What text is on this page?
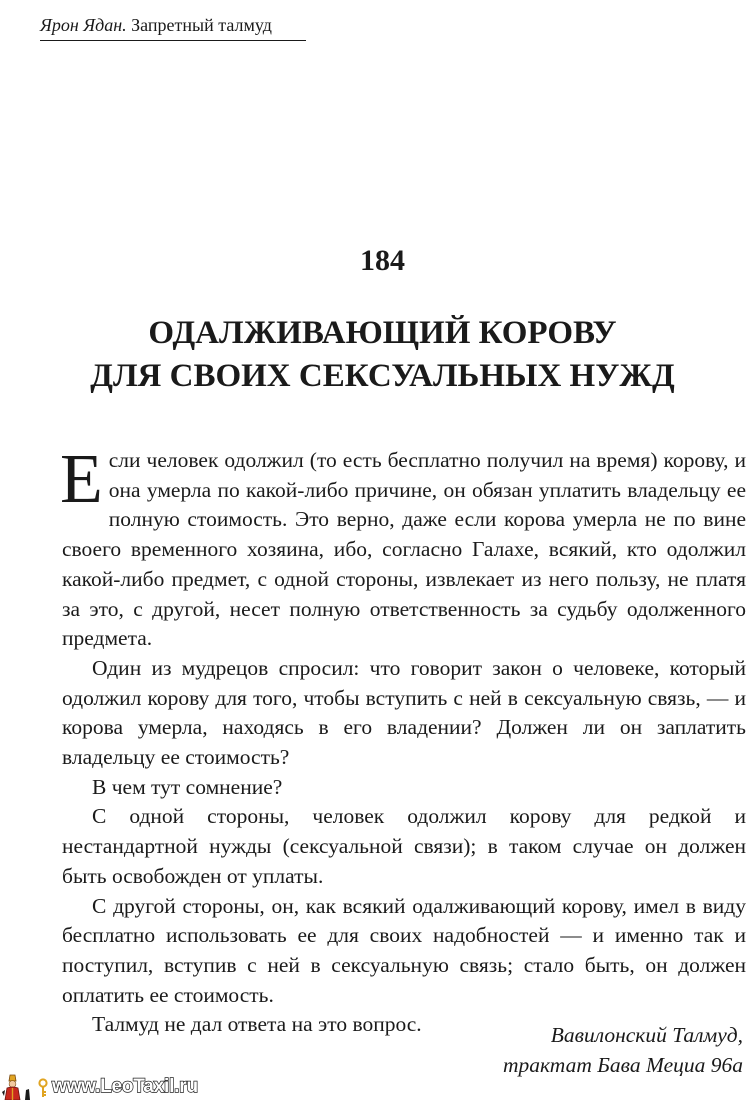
Ярон Ядан. Запретный талмуд
184
ОДАЛЖИВАЮЩИЙ КОРОВУ
ДЛЯ СВОИХ СЕКСУАЛЬНЫХ НУЖД

Если человек одолжил (то есть бесплатно получил на время) корову, и она умерла по какой-либо причине, он обязан уплатить владельцу ее полную стоимость. Это верно, даже если корова умерла не по вине своего временного хозяина, ибо, согласно Галахе, всякий, кто одолжил какой-либо предмет, с одной стороны, извлекает из него пользу, не платя за это, с другой, несет полную ответственность за судьбу одолженного предмета.

Один из мудрецов спросил: что говорит закон о человеке, который одолжил корову для того, чтобы вступить с ней в сексуальную связь, — и корова умерла, находясь в его владении? Должен ли он заплатить владельцу ее стоимость?

В чем тут сомнение?

С одной стороны, человек одолжил корову для редкой и нестандартной нужды (сексуальной связи); в таком случае он должен быть освобожден от уплаты.

С другой стороны, он, как всякий одалживающий корову, имел в виду бесплатно использовать ее для своих надобностей — и именно так и поступил, вступив с ней в сексуальную связь; стало быть, он должен оплатить ее стоимость.

Талмуд не дал ответа на это вопрос.	Вавилонский Талмуд,
трактат Бава Мециа 96а
www.LeoTaxil.ru
